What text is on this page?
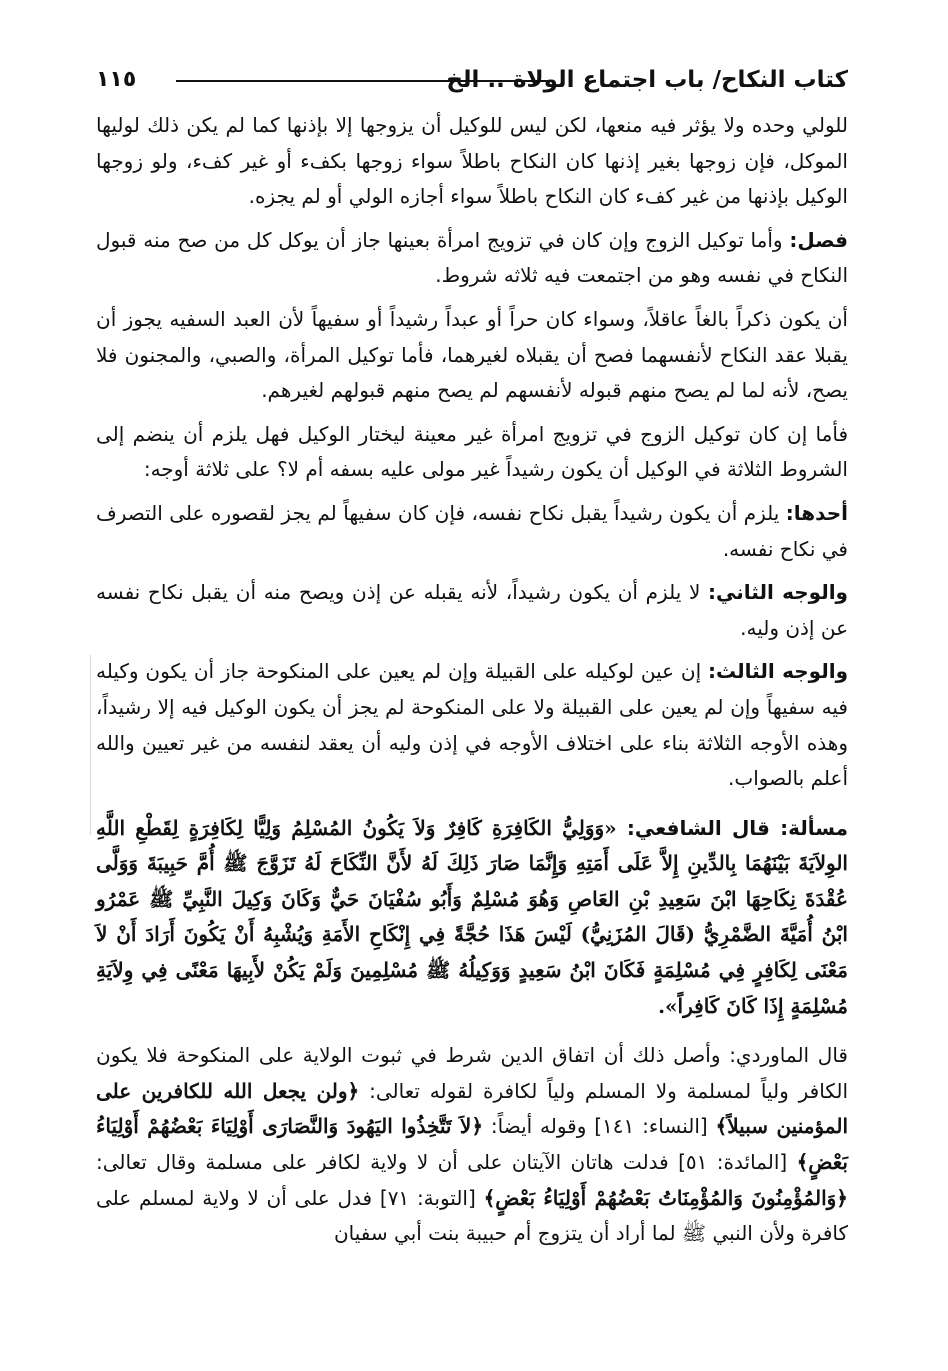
كتاب النكاح/ باب اجتماع الولاة .. الخ
١١٥

للولي وحده ولا يؤثر فيه منعها، لكن ليس للوكيل أن يزوجها إلا بإذنها كما لم يكن ذلك لوليها الموكل، فإن زوجها بغير إذنها كان النكاح باطلاً سواء زوجها بكفء أو غير كفء، ولو زوجها الوكيل بإذنها من غير كفء كان النكاح باطلاً سواء أجازه الولي أو لم يجزه.

فصل: وأما توكيل الزوج وإن كان في تزويج امرأة بعينها جاز أن يوكل كل من صح منه قبول النكاح في نفسه وهو من اجتمعت فيه ثلاثه شروط.

أن يكون ذكراً بالغاً عاقلاً، وسواء كان حراً أو عبداً رشيداً أو سفيهاً لأن العبد السفيه يجوز أن يقبلا عقد النكاح لأنفسهما فصح أن يقبلاه لغيرهما، فأما توكيل المرأة، والصبي، والمجنون فلا يصح، لأنه لما لم يصح منهم قبوله لأنفسهم لم يصح منهم قبولهم لغيرهم.

فأما إن كان توكيل الزوج في تزويج امرأة غير معينة ليختار الوكيل فهل يلزم أن ينضم إلى الشروط الثلاثة في الوكيل أن يكون رشيداً غير مولى عليه بسفه أم لا؟ على ثلاثة أوجه:

أحدها: يلزم أن يكون رشيداً يقبل نكاح نفسه، فإن كان سفيهاً لم يجز لقصوره على التصرف في نكاح نفسه.

والوجه الثاني: لا يلزم أن يكون رشيداً، لأنه يقبله عن إذن ويصح منه أن يقبل نكاح نفسه عن إذن وليه.

والوجه الثالث: إن عين لوكيله على القبيلة وإن لم يعين على المنكوحة جاز أن يكون وكيله فيه سفيهاً وإن لم يعين على القبيلة ولا على المنكوحة لم يجز أن يكون الوكيل فيه إلا رشيداً، وهذه الأوجه الثلاثة بناء على اختلاف الأوجه في إذن وليه أن يعقد لنفسه من غير تعيين والله أعلم بالصواب.

مسألة: قال الشافعي: «وَوَلِيُّ الكَافِرَةِ كَافِرٌ وَلاَ يَكُونُ المُسْلِمُ وَلِيًّا لِكَافِرَةٍ لِقَطْعِ اللَّهِ الوِلاَيَةَ بَيْنَهُمَا بِالدِّينِ إِلاَّ عَلَى أَمَتِهِ وَإِنَّمَا صَارَ ذَلِكَ لَهُ لأَنَّ النِّكَاحَ لَهُ تَزَوَّجَ ﷺ أُمَّ حَبِيبَةَ وَوَلَّى عُقْدَةَ نِكَاحِهَا ابْنَ سَعِيدِ بْنِ العَاصِ وَهُوَ مُسْلِمٌ وَأَبُو سُفْيَانَ حَيٌّ وَكَانَ وَكِيلَ النَّبِيِّ ﷺ عَمْرُو ابْنُ أُمَيَّةَ الضَّمْرِيُّ (قَالَ المُزَنِيُّ) لَيْسَ هَذَا حُجَّةً فِي إِنْكَاحِ الأَمَةِ وَيُشْبِهُ أَنْ يَكُونَ أَرَادَ أَنْ لاَ مَعْنَى لِكَافِرٍ فِي مُسْلِمَةٍ فَكَانَ ابْنُ سَعِيدٍ وَوَكِيلُهُ ﷺ مُسْلِمِينَ وَلَمْ يَكُنْ لأَبِيهَا مَعْنًى فِي وِلاَيَةِ مُسْلِمَةٍ إِذَا كَانَ كَافِراً».

قال الماوردي: وأصل ذلك أن اتفاق الدين شرط في ثبوت الولاية على المنكوحة فلا يكون الكافر ولياً لمسلمة ولا المسلم ولياً لكافرة لقوله تعالى: ﴿ولن يجعل الله للكافرين على المؤمنين سبيلاً﴾ [النساء: ١٤١] وقوله أيضاً: ﴿لاَ تَتَّخِذُوا اليَهُودَ وَالنَّصَارَى أَوْلِيَاءَ بَعْضُهُمْ أَوْلِيَاءُ بَعْضٍ﴾ [المائدة: ٥١] فدلت هاتان الآيتان على أن لا ولاية لكافر على مسلمة وقال تعالى: ﴿وَالمُؤْمِنُونَ وَالمُؤْمِنَاتُ بَعْضُهُمْ أَوْلِيَاءُ بَعْضٍ﴾ [التوبة: ٧١] فدل على أن لا ولاية لمسلم على كافرة ولأن النبي ﷺ لما أراد أن يتزوج أم حبيبة بنت أبي سفيان
